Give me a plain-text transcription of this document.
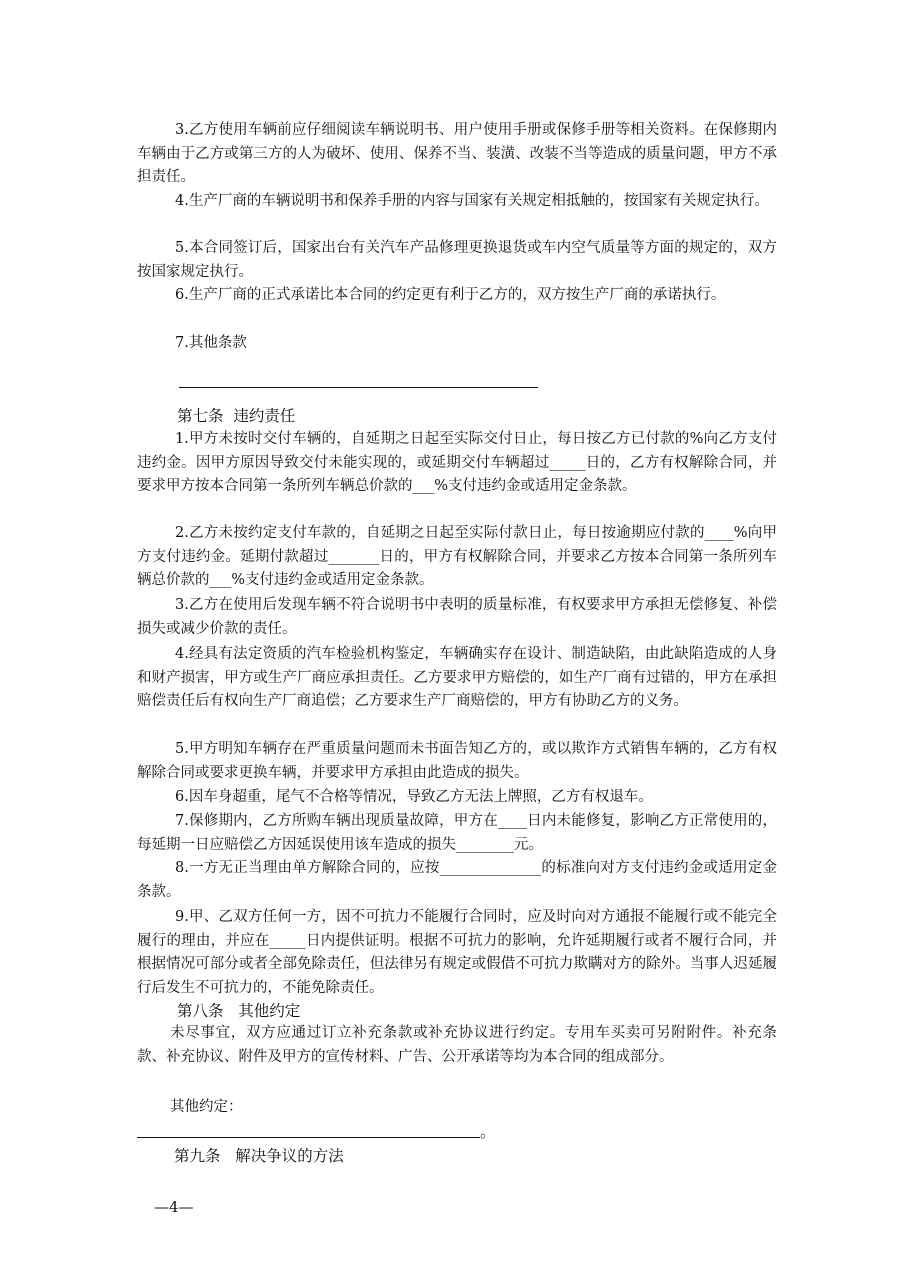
3.乙方使用车辆前应仔细阅读车辆说明书、用户使用手册或保修手册等相关资料。在保修期内车辆由于乙方或第三方的人为破坏、使用、保养不当、装潢、改装不当等造成的质量问题，甲方不承担责任。

4.生产厂商的车辆说明书和保养手册的内容与国家有关规定相抵触的，按国家有关规定执行。

5.本合同签订后，国家出台有关汽车产品修理更换退货或车内空气质量等方面的规定的，双方按国家规定执行。

6.生产厂商的正式承诺比本合同的约定更有利于乙方的，双方按生产厂商的承诺执行。

7.其他条款

第七条  违约责任

1.甲方未按时交付车辆的，自延期之日起至实际交付日止，每日按乙方已付款的%向乙方支付违约金。因甲方原因导致交付未能实现的，或延期交付车辆超过_____日的，乙方有权解除合同，并要求甲方按本合同第一条所列车辆总价款的___%支付违约金或适用定金条款。

2.乙方未按约定支付车款的，自延期之日起至实际付款日止，每日按逾期应付款的____%向甲方支付违约金。延期付款超过_______日的，甲方有权解除合同，并要求乙方按本合同第一条所列车辆总价款的___%支付违约金或适用定金条款。

3.乙方在使用后发现车辆不符合说明书中表明的质量标准，有权要求甲方承担无偿修复、补偿损失或减少价款的责任。

4.经具有法定资质的汽车检验机构鉴定，车辆确实存在设计、制造缺陷，由此缺陷造成的人身和财产损害，甲方或生产厂商应承担责任。乙方要求甲方赔偿的，如生产厂商有过错的，甲方在承担赔偿责任后有权向生产厂商追偿；乙方要求生产厂商赔偿的，甲方有协助乙方的义务。

5.甲方明知车辆存在严重质量问题而未书面告知乙方的，或以欺诈方式销售车辆的，乙方有权解除合同或要求更换车辆，并要求甲方承担由此造成的损失。

6.因车身超重，尾气不合格等情况，导致乙方无法上牌照，乙方有权退车。

7.保修期内，乙方所购车辆出现质量故障，甲方在____日内未能修复，影响乙方正常使用的，每延期一日应赔偿乙方因延误使用该车造成的损失________元。

8.一方无正当理由单方解除合同的，应按______________的标准向对方支付违约金或适用定金条款。

9.甲、乙双方任何一方，因不可抗力不能履行合同时，应及时向对方通报不能履行或不能完全履行的理由，并应在_____日内提供证明。根据不可抗力的影响，允许延期履行或者不履行合同，并根据情况可部分或者全部免除责任，但法律另有规定或假借不可抗力欺瞒对方的除外。当事人迟延履行后发生不可抗力的，不能免除责任。

第八条   其他约定

未尽事宜，双方应通过订立补充条款或补充协议进行约定。专用车买卖可另附附件。补充条款、补充协议、附件及甲方的宣传材料、广告、公开承诺等均为本合同的组成部分。

其他约定：

。

第九条   解决争议的方法

—4—
